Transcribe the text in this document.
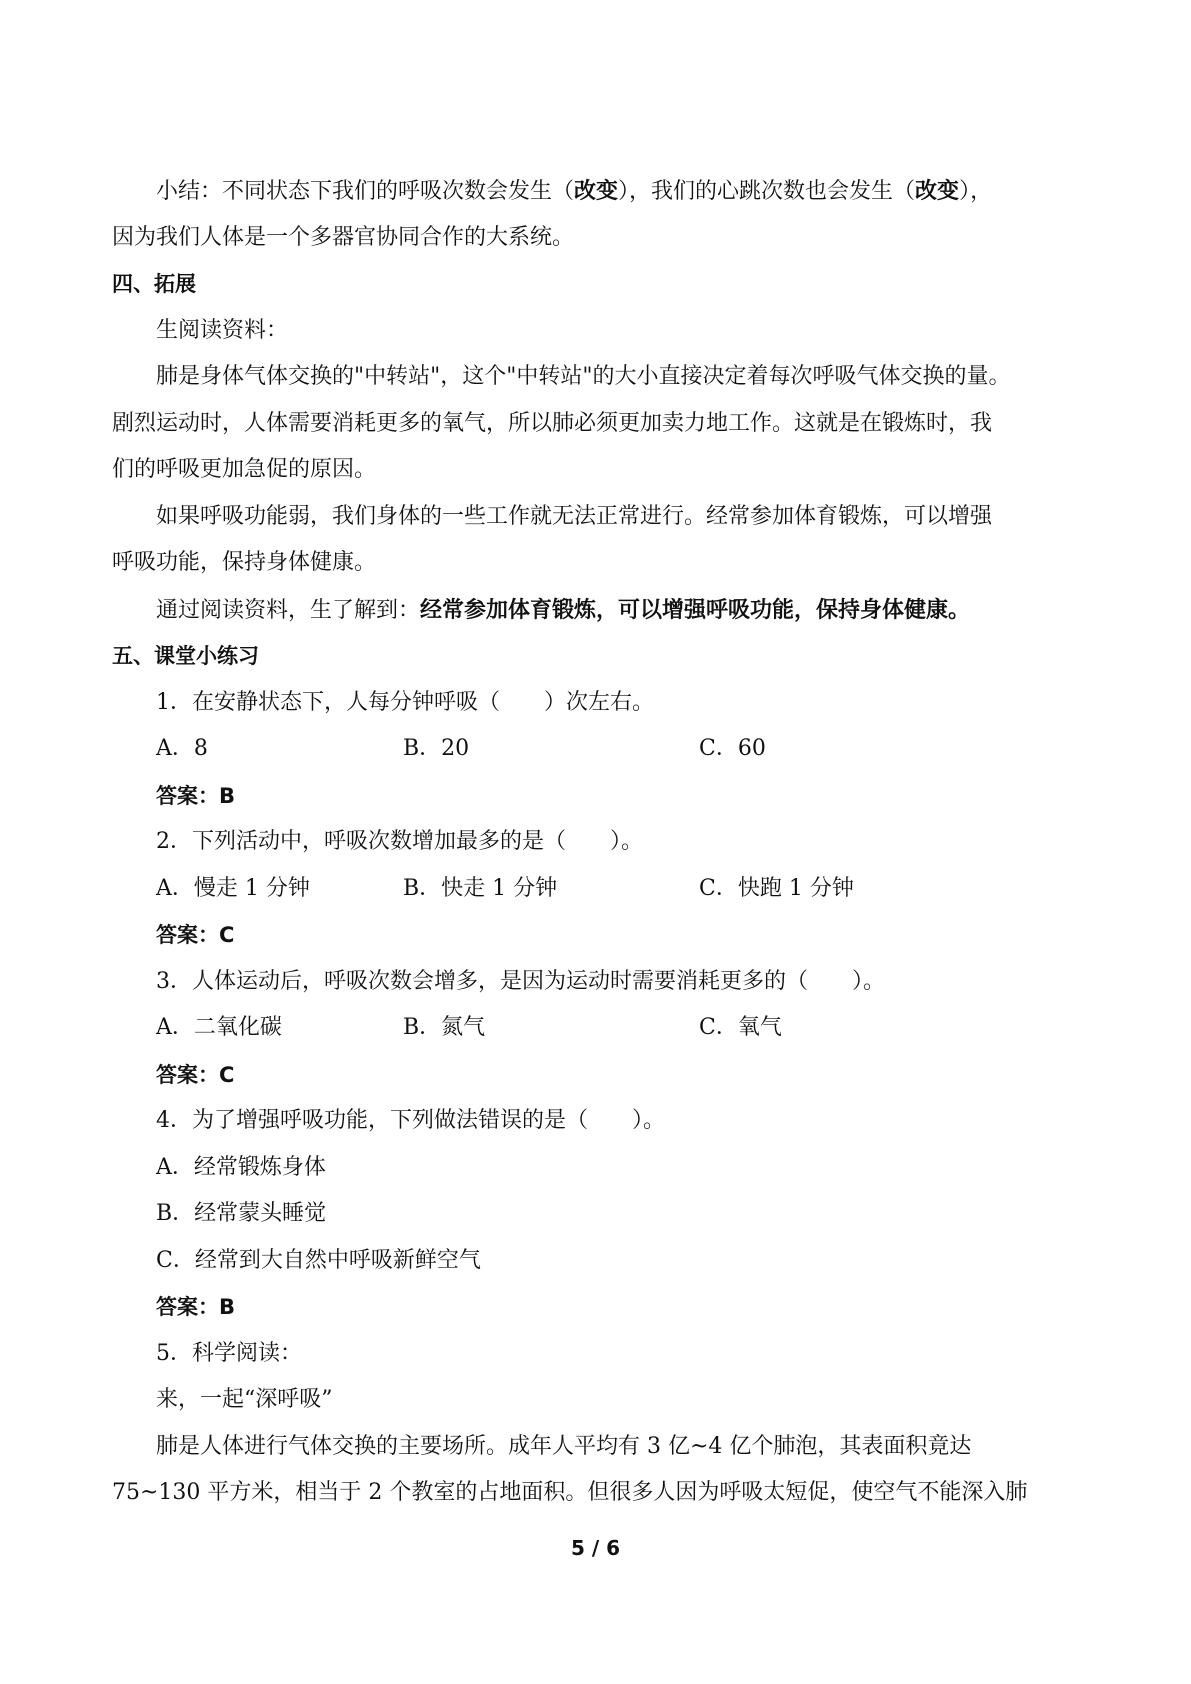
小结：不同状态下我们的呼吸次数会发生（改变），我们的心跳次数也会发生（改变），
因为我们人体是一个多器官协同合作的大系统。
四、拓展
生阅读资料：
肺是身体气体交换的"中转站"，这个"中转站"的大小直接决定着每次呼吸气体交换的量。
剧烈运动时，人体需要消耗更多的氧气，所以肺必须更加卖力地工作。这就是在锻炼时，我
们的呼吸更加急促的原因。
如果呼吸功能弱，我们身体的一些工作就无法正常进行。经常参加体育锻炼，可以增强
呼吸功能，保持身体健康。
通过阅读资料，生了解到：经常参加体育锻炼，可以增强呼吸功能，保持身体健康。
五、课堂小练习
1．在安静状态下，人每分钟呼吸（　　）次左右。
A．8	B．20	C．60
答案：B
2．下列活动中，呼吸次数增加最多的是（　　）。
A．慢走 1 分钟	B．快走 1 分钟	C．快跑 1 分钟
答案：C
3．人体运动后，呼吸次数会增多，是因为运动时需要消耗更多的（　　）。
A．二氧化碳	B．氮气	C．氧气
答案：C
4．为了增强呼吸功能，下列做法错误的是（　　）。
A．经常锻炼身体
B．经常蒙头睡觉
C．经常到大自然中呼吸新鲜空气
答案：B
5．科学阅读：
来，一起“深呼吸”
肺是人体进行气体交换的主要场所。成年人平均有 3 亿~4 亿个肺泡，其表面积竟达
75~130 平方米，相当于 2 个教室的占地面积。但很多人因为呼吸太短促，使空气不能深入肺
5 / 6
